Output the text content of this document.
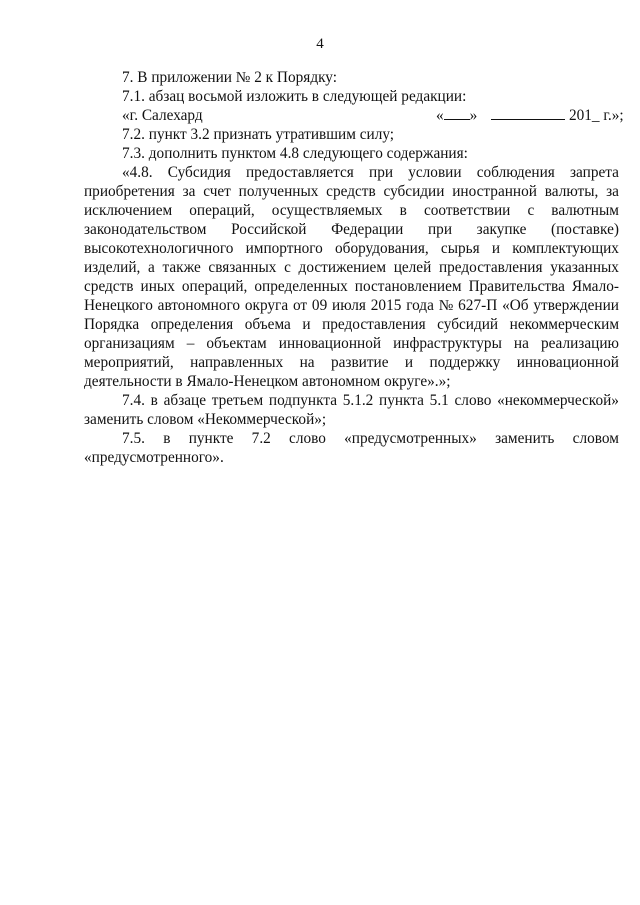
4
7. В приложении № 2 к Порядку:
7.1. абзац восьмой изложить в следующей редакции:
«г. Салехард	« »	201_ г.»;
7.2. пункт 3.2 признать утратившим силу;
7.3. дополнить пунктом 4.8 следующего содержания:
«4.8. Субсидия предоставляется при условии соблюдения запрета
приобретения за счет полученных средств субсидии иностранной валюты, за
исключением операций, осуществляемых в соответствии с валютным
законодательством Российской Федерации при закупке (поставке)
высокотехнологичного импортного оборудования, сырья и комплектующих
изделий, а также связанных с достижением целей предоставления указанных
средств иных операций, определенных постановлением Правительства Ямало-
Ненецкого автономного округа от 09 июля 2015 года № 627-П «Об утверждении
Порядка определения объема и предоставления субсидий некоммерческим
организациям – объектам инновационной инфраструктуры на реализацию
мероприятий, направленных на развитие и поддержку инновационной
деятельности в Ямало-Ненецком автономном округе».»;
7.4. в абзаце третьем подпункта 5.1.2 пункта 5.1 слово «некоммерческой»
заменить словом «Некоммерческой»;
7.5. в пункте 7.2 слово «предусмотренных» заменить словом
«предусмотренного».
